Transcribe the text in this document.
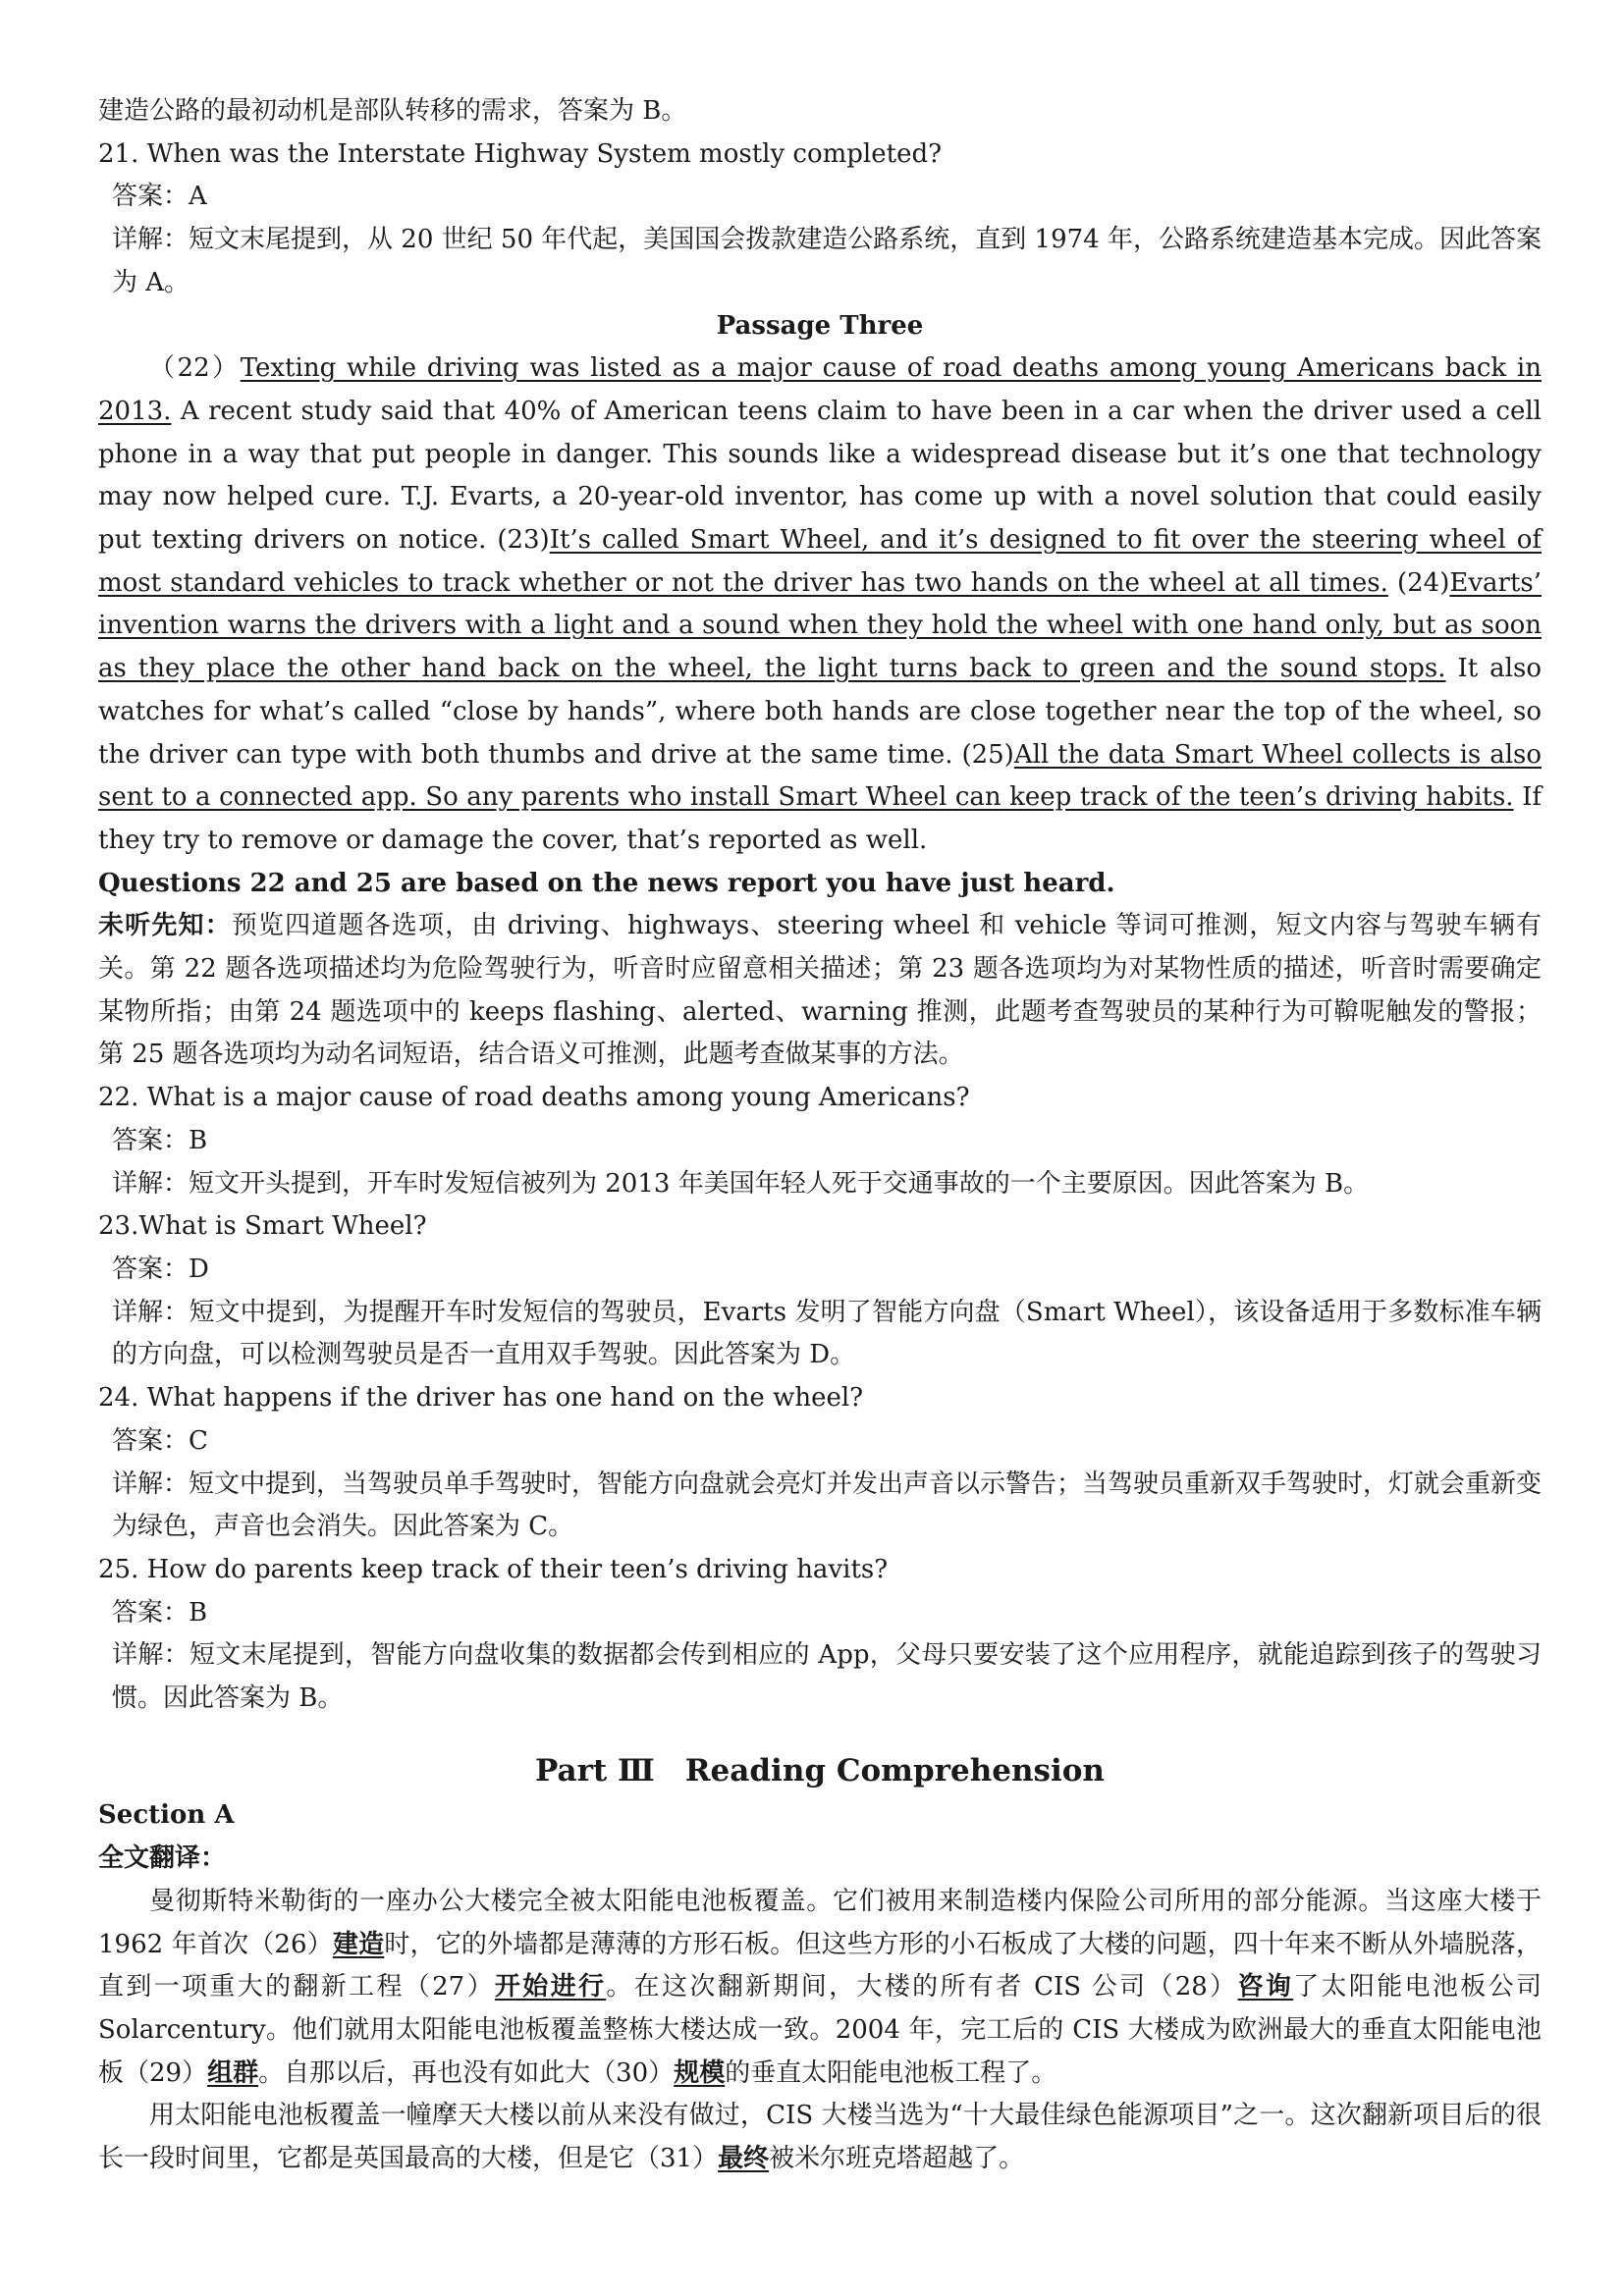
建造公路的最初动机是部队转移的需求，答案为 B。

21. When was the Interstate Highway System mostly completed?

答案：A

详解：短文末尾提到，从 20 世纪 50 年代起，美国国会拨款建造公路系统，直到 1974 年，公路系统建造基本完成。因此答案为 A。

Passage Three

（22）Texting while driving was listed as a major cause of road deaths among young Americans back in 2013. A recent study said that 40% of American teens claim to have been in a car when the driver used a cell phone in a way that put people in danger. This sounds like a widespread disease but it’s one that technology may now helped cure. T.J. Evarts, a 20-year-old inventor, has come up with a novel solution that could easily put texting drivers on notice. (23)It’s called Smart Wheel, and it’s designed to fit over the steering wheel of most standard vehicles to track whether or not the driver has two hands on the wheel at all times. (24)Evarts’ invention warns the drivers with a light and a sound when they hold the wheel with one hand only, but as soon as they place the other hand back on the wheel, the light turns back to green and the sound stops. It also watches for what’s called “close by hands”, where both hands are close together near the top of the wheel, so the driver can type with both thumbs and drive at the same time. (25)All the data Smart Wheel collects is also sent to a connected app. So any parents who install Smart Wheel can keep track of the teen’s driving habits. If they try to remove or damage the cover, that’s reported as well.

Questions 22 and 25 are based on the news report you have just heard.

未听先知：预览四道题各选项，由 driving、highways、steering wheel 和 vehicle 等词可推测，短文内容与驾驶车辆有关。第 22 题各选项描述均为危险驾驶行为，听音时应留意相关描述；第 23 题各选项均为对某物性质的描述，听音时需要确定某物所指；由第 24 题选项中的 keeps flashing、alerted、warning 推测，此题考查驾驶员的某种行为可鞥呢触发的警报；第 25 题各选项均为动名词短语，结合语义可推测，此题考查做某事的方法。

22. What is a major cause of road deaths among young Americans?

答案：B

详解：短文开头提到，开车时发短信被列为 2013 年美国年轻人死于交通事故的一个主要原因。因此答案为 B。

23.What is Smart Wheel?

答案：D

详解：短文中提到，为提醒开车时发短信的驾驶员，Evarts 发明了智能方向盘（Smart Wheel），该设备适用于多数标准车辆的方向盘，可以检测驾驶员是否一直用双手驾驶。因此答案为 D。

24. What happens if the driver has one hand on the wheel?

答案：C

详解：短文中提到，当驾驶员单手驾驶时，智能方向盘就会亮灯并发出声音以示警告；当驾驶员重新双手驾驶时，灯就会重新变为绿色，声音也会消失。因此答案为 C。

25. How do parents keep track of their teen’s driving havits?

答案：B

详解：短文末尾提到，智能方向盘收集的数据都会传到相应的 App，父母只要安装了这个应用程序，就能追踪到孩子的驾驶习惯。因此答案为 B。

Part Ⅲ　Reading Comprehension

Section A

全文翻译：

曼彻斯特米勒街的一座办公大楼完全被太阳能电池板覆盖。它们被用来制造楼内保险公司所用的部分能源。当这座大楼于 1962 年首次（26）建造时，它的外墙都是薄薄的方形石板。但这些方形的小石板成了大楼的问题，四十年来不断从外墙脱落，直到一项重大的翻新工程（27）开始进行。在这次翻新期间，大楼的所有者 CIS 公司（28）咨询了太阳能电池板公司 Solarcentury。他们就用太阳能电池板覆盖整栋大楼达成一致。2004 年，完工后的 CIS 大楼成为欧洲最大的垂直太阳能电池板（29）组群。自那以后，再也没有如此大（30）规模的垂直太阳能电池板工程了。

用太阳能电池板覆盖一幢摩天大楼以前从来没有做过，CIS 大楼当选为“十大最佳绿色能源项目”之一。这次翻新项目后的很长一段时间里，它都是英国最高的大楼，但是它（31）最终被米尔班克塔超越了。
